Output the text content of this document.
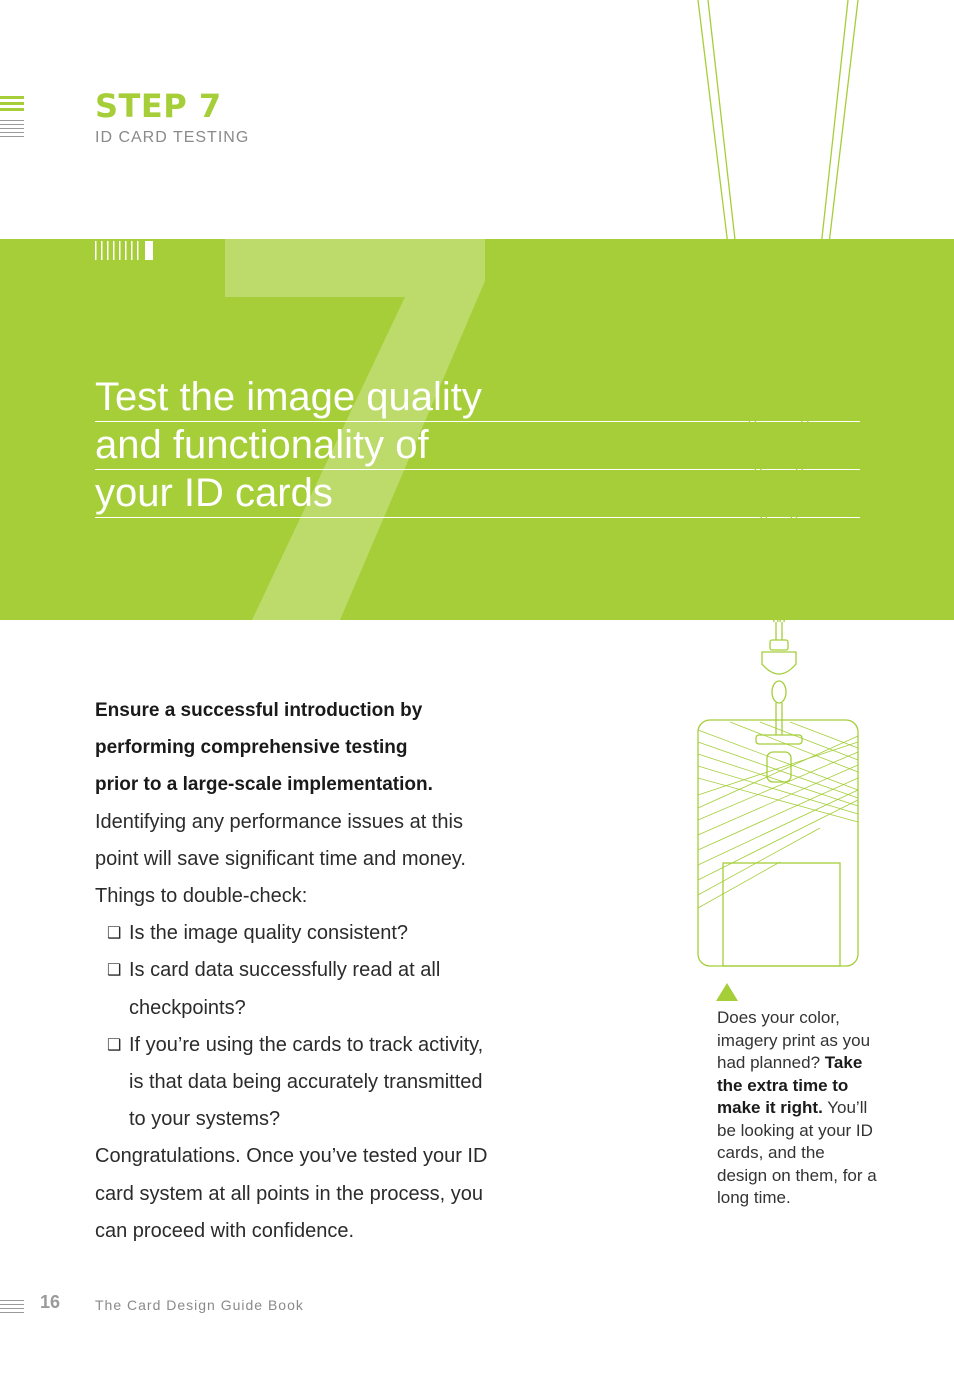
STEP 7

ID CARD TESTING

Test the image quality
and functionality of
your ID cards

Ensure a successful introduction by

performing comprehensive testing

prior to a large-scale implementation.

Identifying any performance issues at this point will save significant time and money.

Things to double-check:

❑ Is the image quality consistent?
❑ Is card data successfully read at all checkpoints?
❑ If you’re using the cards to track activity, is that data being accurately transmitted to your systems?

Congratulations. Once you’ve tested your ID card system at all points in the process, you can proceed with confidence.

Does your color, imagery print as you had planned? Take the extra time to make it right. You’ll be looking at your ID cards, and the design on them, for a long time.

16 The Card Design Guide Book
